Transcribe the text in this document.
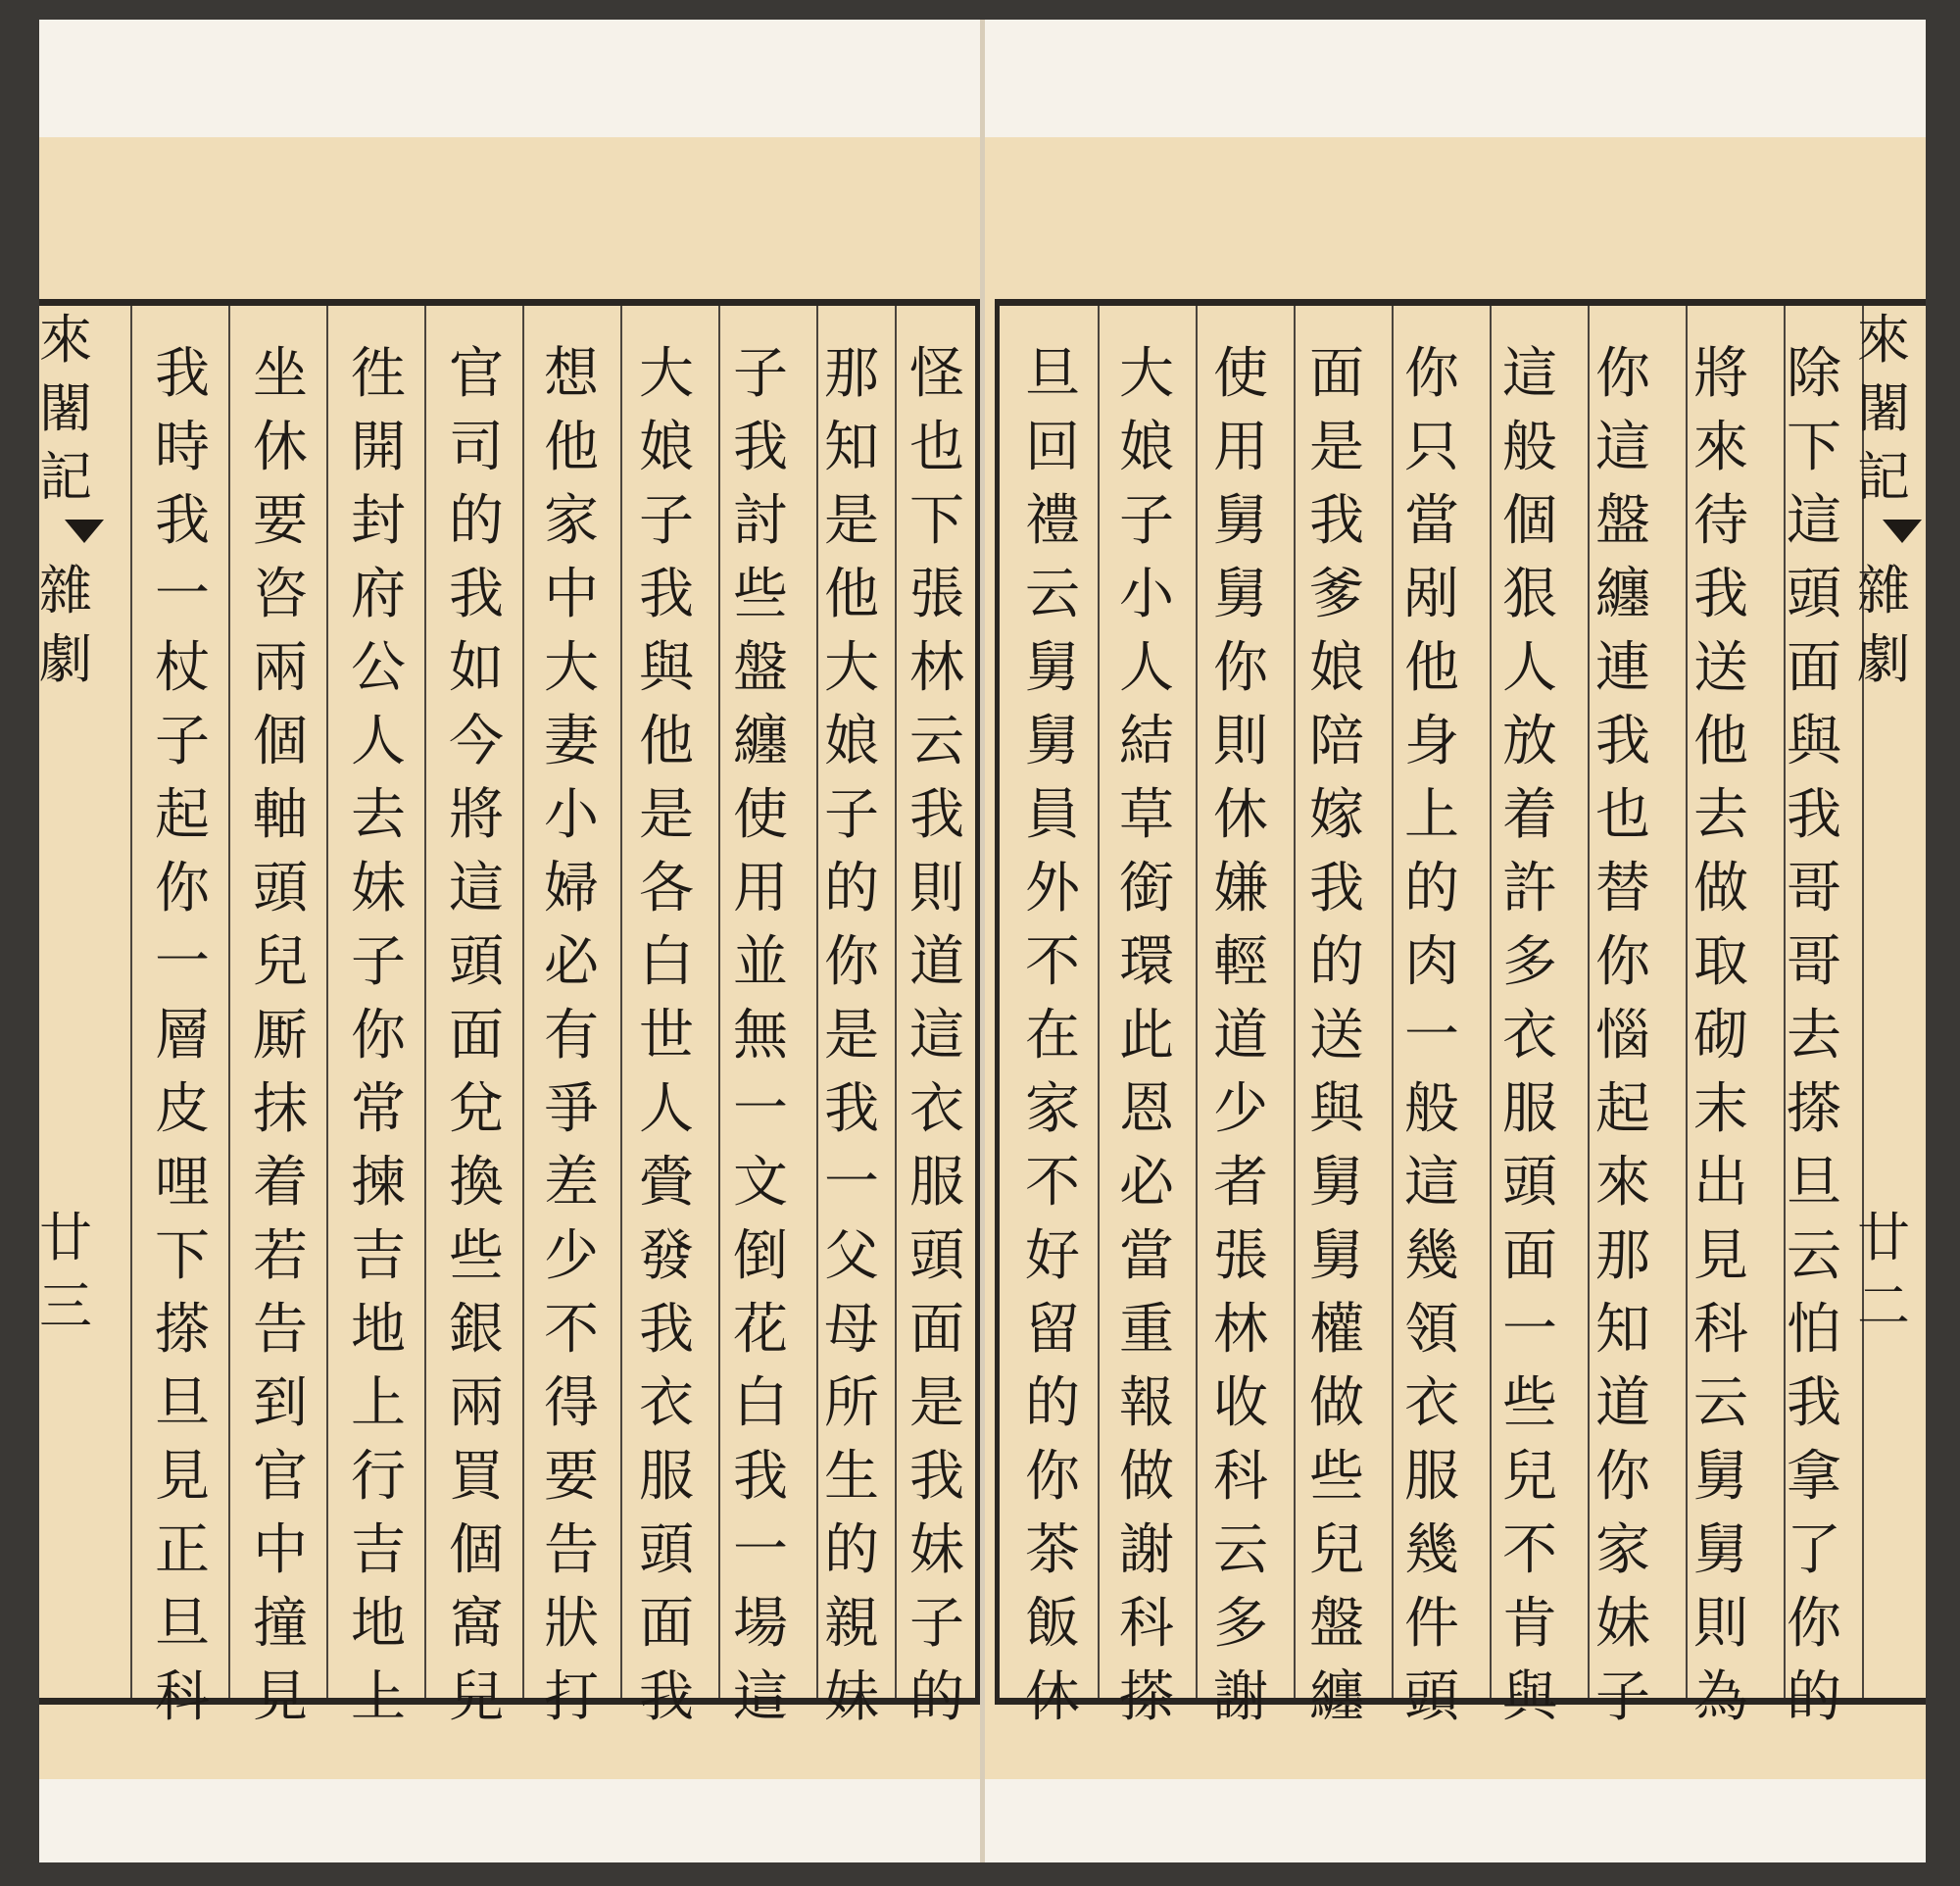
來闍記
雜劇
廿三
怪
也
下
張
林
云
我
則
道
這
衣
服
頭
面
是
我
妹
子
的
那
知
是
他
大
娘
子
的
你
是
我
一
父
母
所
生
的
親
妹
子
我
討
些
盤
纏
使
用
並
無
一
文
倒
花
白
我
一
場
這
大
娘
子
我
與
他
是
各
白
世
人
賫
發
我
衣
服
頭
面
我
想
他
家
中
大
妻
小
婦
必
有
爭
差
少
不
得
要
告
狀
打
官
司
的
我
如
今
將
這
頭
面
兌
換
些
銀
兩
買
個
窩
兒
徃
開
封
府
公
人
去
妹
子
你
常
揀
吉
地
上
行
吉
地
上
坐
休
要
咨
兩
個
軸
頭
兒
厮
抹
着
若
告
到
官
中
撞
見
我
時
我
一
杖
子
起
你
一
層
皮
哩
下
搽
旦
見
正
旦
科
來闍記
雜劇
廿二
除
下
這
頭
面
與
我
哥
哥
去
搽
旦
云
怕
我
拿
了
你
的
將
來
待
我
送
他
去
做
取
砌
末
出
見
科
云
舅
舅
則
為
你
這
盤
纏
連
我
也
替
你
惱
起
來
那
知
道
你
家
妹
子
這
般
個
狠
人
放
着
許
多
衣
服
頭
面
一
些
兒
不
肯
與
你
只
當
剐
他
身
上
的
肉
一
般
這
幾
領
衣
服
幾
件
頭
面
是
我
爹
娘
陪
嫁
我
的
送
與
舅
舅
權
做
些
兒
盤
纏
使
用
舅
舅
你
則
休
嫌
輕
道
少
者
張
林
收
科
云
多
謝
大
娘
子
小
人
結
草
銜
環
此
恩
必
當
重
報
做
謝
科
搽
旦
回
禮
云
舅
舅
員
外
不
在
家
不
好
留
的
你
茶
飯
休
